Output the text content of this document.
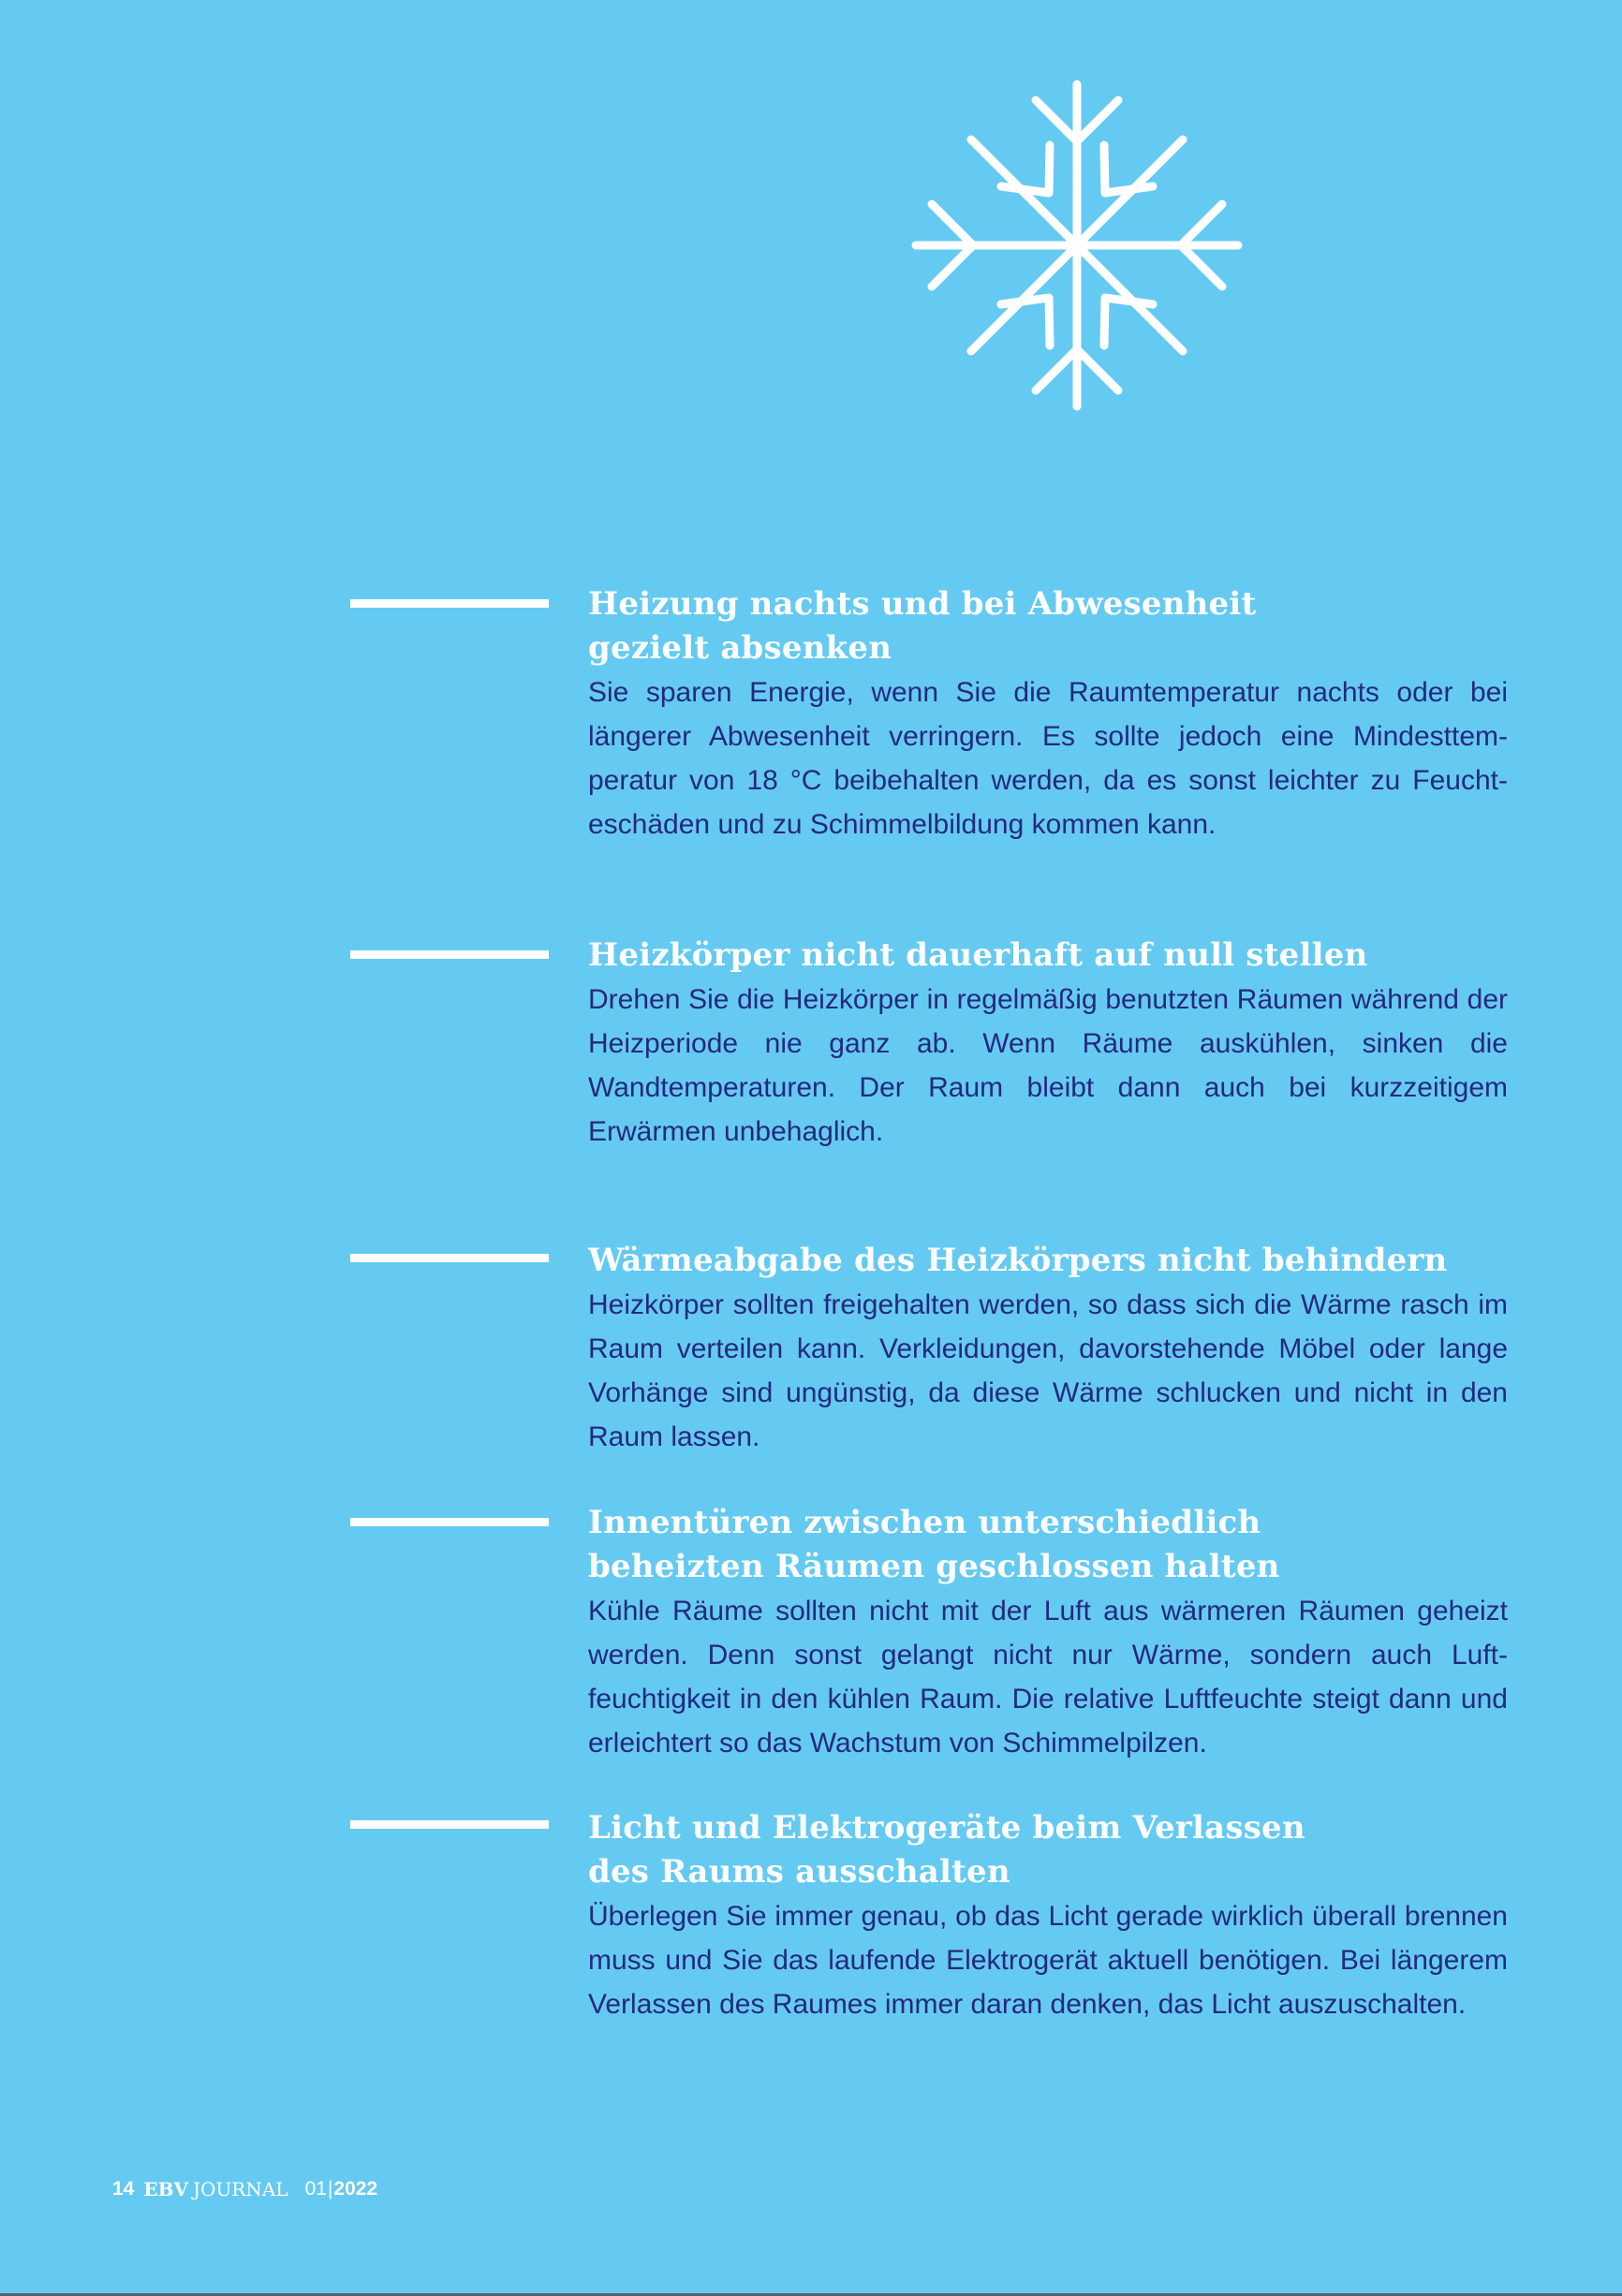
Heizung nachts und bei Abwesenheit
gezielt absenken

Sie sparen Energie, wenn Sie die Raumtemperatur nachts oder bei längerer Abwesenheit verringern. Es sollte jedoch eine Mindesttemperatur von 18 °C beibehalten werden, da es sonst leichter zu Feuchteschäden und zu Schimmelbildung kommen kann.

Heizkörper nicht dauerhaft auf null stellen

Drehen Sie die Heizkörper in regelmäßig benutzten Räumen während der Heizperiode nie ganz ab. Wenn Räume auskühlen, sinken die Wandtemperaturen. Der Raum bleibt dann auch bei kurzzeitigem Erwärmen unbehaglich.

Wärmeabgabe des Heizkörpers nicht behindern

Heizkörper sollten freigehalten werden, so dass sich die Wärme rasch im Raum verteilen kann. Verkleidungen, davorstehende Möbel oder lange Vorhänge sind ungünstig, da diese Wärme schlucken und nicht in den Raum lassen.

Innentüren zwischen unterschiedlich
beheizten Räumen geschlossen halten

Kühle Räume sollten nicht mit der Luft aus wärmeren Räumen geheizt werden. Denn sonst gelangt nicht nur Wärme, sondern auch Luftfeuchtigkeit in den kühlen Raum. Die relative Luftfeuchte steigt dann und erleichtert so das Wachstum von Schimmelpilzen.

Licht und Elektrogeräte beim Verlassen
des Raums ausschalten

Überlegen Sie immer genau, ob das Licht gerade wirklich überall brennen muss und Sie das laufende Elektrogerät aktuell benötigen. Bei längerem Verlassen des Raumes immer daran denken, das Licht auszuschalten.

14 EBV JOURNAL 01 | 2022
